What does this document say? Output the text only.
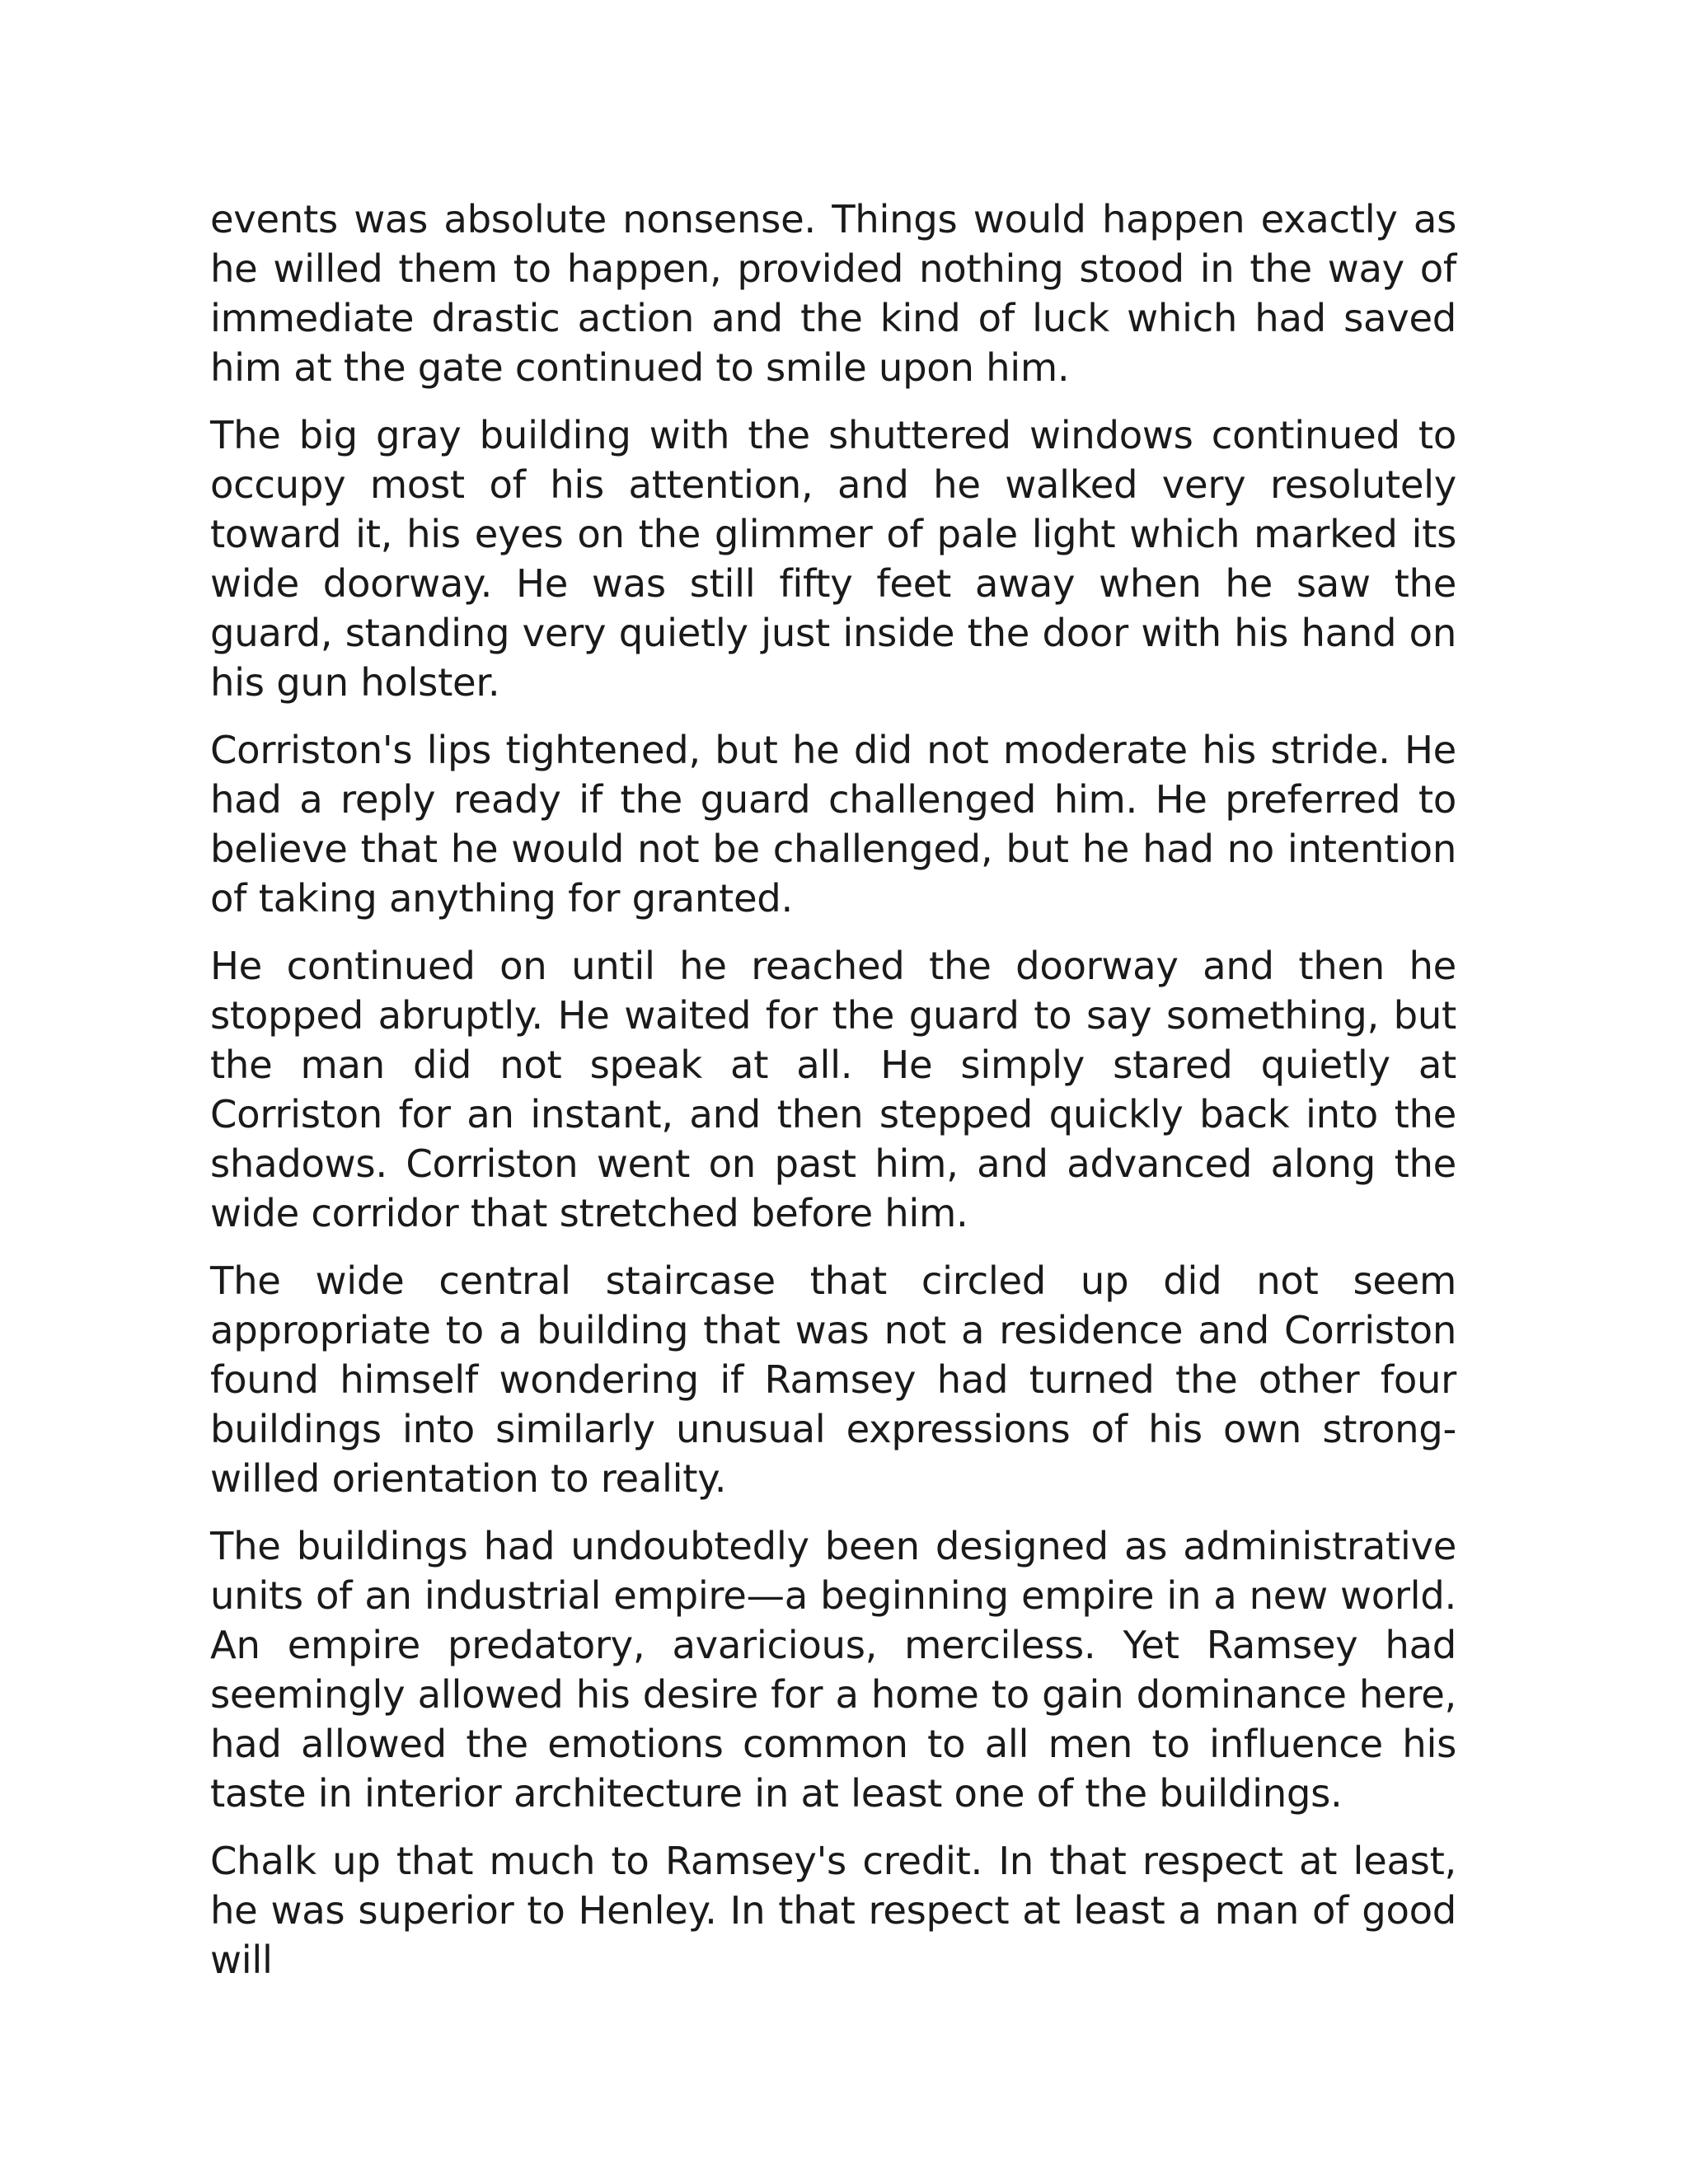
events was absolute nonsense. Things would happen exactly as he willed them to happen, provided nothing stood in the way of immediate drastic action and the kind of luck which had saved him at the gate continued to smile upon him.

The big gray building with the shuttered windows continued to occupy most of his attention, and he walked very resolutely toward it, his eyes on the glimmer of pale light which marked its wide doorway. He was still fifty feet away when he saw the guard, standing very quietly just inside the door with his hand on his gun holster.

Corriston's lips tightened, but he did not moderate his stride. He had a reply ready if the guard challenged him. He preferred to believe that he would not be challenged, but he had no intention of taking anything for granted.

He continued on until he reached the doorway and then he stopped abruptly. He waited for the guard to say something, but the man did not speak at all. He simply stared quietly at Corriston for an instant, and then stepped quickly back into the shadows. Corriston went on past him, and advanced along the wide corridor that stretched before him.

The wide central staircase that circled up did not seem appropriate to a building that was not a residence and Corriston found himself wondering if Ramsey had turned the other four buildings into similarly unusual expressions of his own strong-willed orientation to reality.

The buildings had undoubtedly been designed as administrative units of an industrial empire—a beginning empire in a new world. An empire predatory, avaricious, merciless. Yet Ramsey had seemingly allowed his desire for a home to gain dominance here, had allowed the emotions common to all men to influence his taste in interior architecture in at least one of the buildings.

Chalk up that much to Ramsey's credit. In that respect at least, he was superior to Henley. In that respect at least a man of good will
